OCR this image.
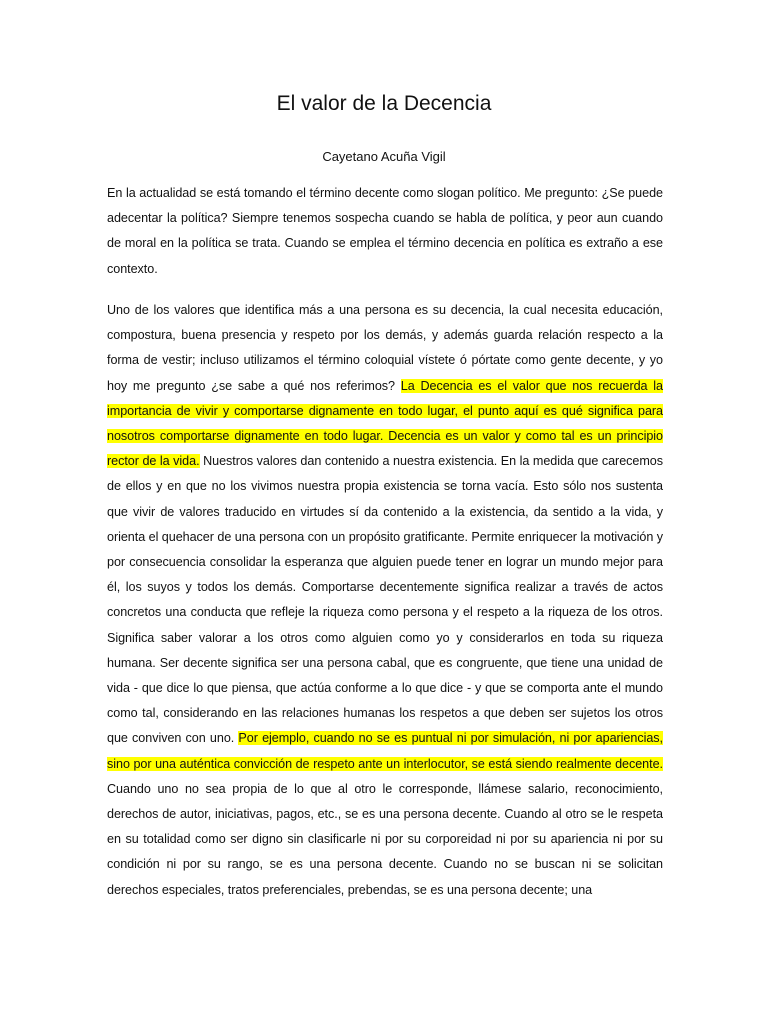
El valor de la Decencia

Cayetano Acuña Vigil

En la actualidad se está tomando el término decente como slogan político. Me pregunto: ¿Se puede adecentar la política? Siempre tenemos sospecha cuando se habla de política, y peor aun cuando de moral en la política se trata. Cuando se emplea el término decencia en política es extraño a ese contexto.

Uno de los valores que identifica más a una persona es su decencia, la cual necesita educación, compostura, buena presencia y respeto por los demás, y además guarda relación respecto a la forma de vestir; incluso utilizamos el término coloquial vístete ó pórtate como gente decente, y yo hoy me pregunto ¿se sabe a qué nos referimos? La Decencia es el valor que nos recuerda la importancia de vivir y comportarse dignamente en todo lugar, el punto aquí es qué significa para nosotros comportarse dignamente en todo lugar. Decencia es un valor y como tal es un principio rector de la vida. Nuestros valores dan contenido a nuestra existencia. En la medida que carecemos de ellos y en que no los vivimos nuestra propia existencia se torna vacía. Esto sólo nos sustenta que vivir de valores traducido en virtudes sí da contenido a la existencia, da sentido a la vida, y orienta el quehacer de una persona con un propósito gratificante. Permite enriquecer la motivación y por consecuencia consolidar la esperanza que alguien puede tener en lograr un mundo mejor para él, los suyos y todos los demás. Comportarse decentemente significa realizar a través de actos concretos una conducta que refleje la riqueza como persona y el respeto a la riqueza de los otros. Significa saber valorar a los otros como alguien como yo y considerarlos en toda su riqueza humana. Ser decente significa ser una persona cabal, que es congruente, que tiene una unidad de vida - que dice lo que piensa, que actúa conforme a lo que dice - y que se comporta ante el mundo como tal, considerando en las relaciones humanas los respetos a que deben ser sujetos los otros que conviven con uno. Por ejemplo, cuando no se es puntual ni por simulación, ni por apariencias, sino por una auténtica convicción de respeto ante un interlocutor, se está siendo realmente decente. Cuando uno no sea propia de lo que al otro le corresponde, llámese salario, reconocimiento, derechos de autor, iniciativas, pagos, etc., se es una persona decente. Cuando al otro se le respeta en su totalidad como ser digno sin clasificarle ni por su corporeidad ni por su apariencia ni por su condición ni por su rango, se es una persona decente. Cuando no se buscan ni se solicitan derechos especiales, tratos preferenciales, prebendas, se es una persona decente; una
